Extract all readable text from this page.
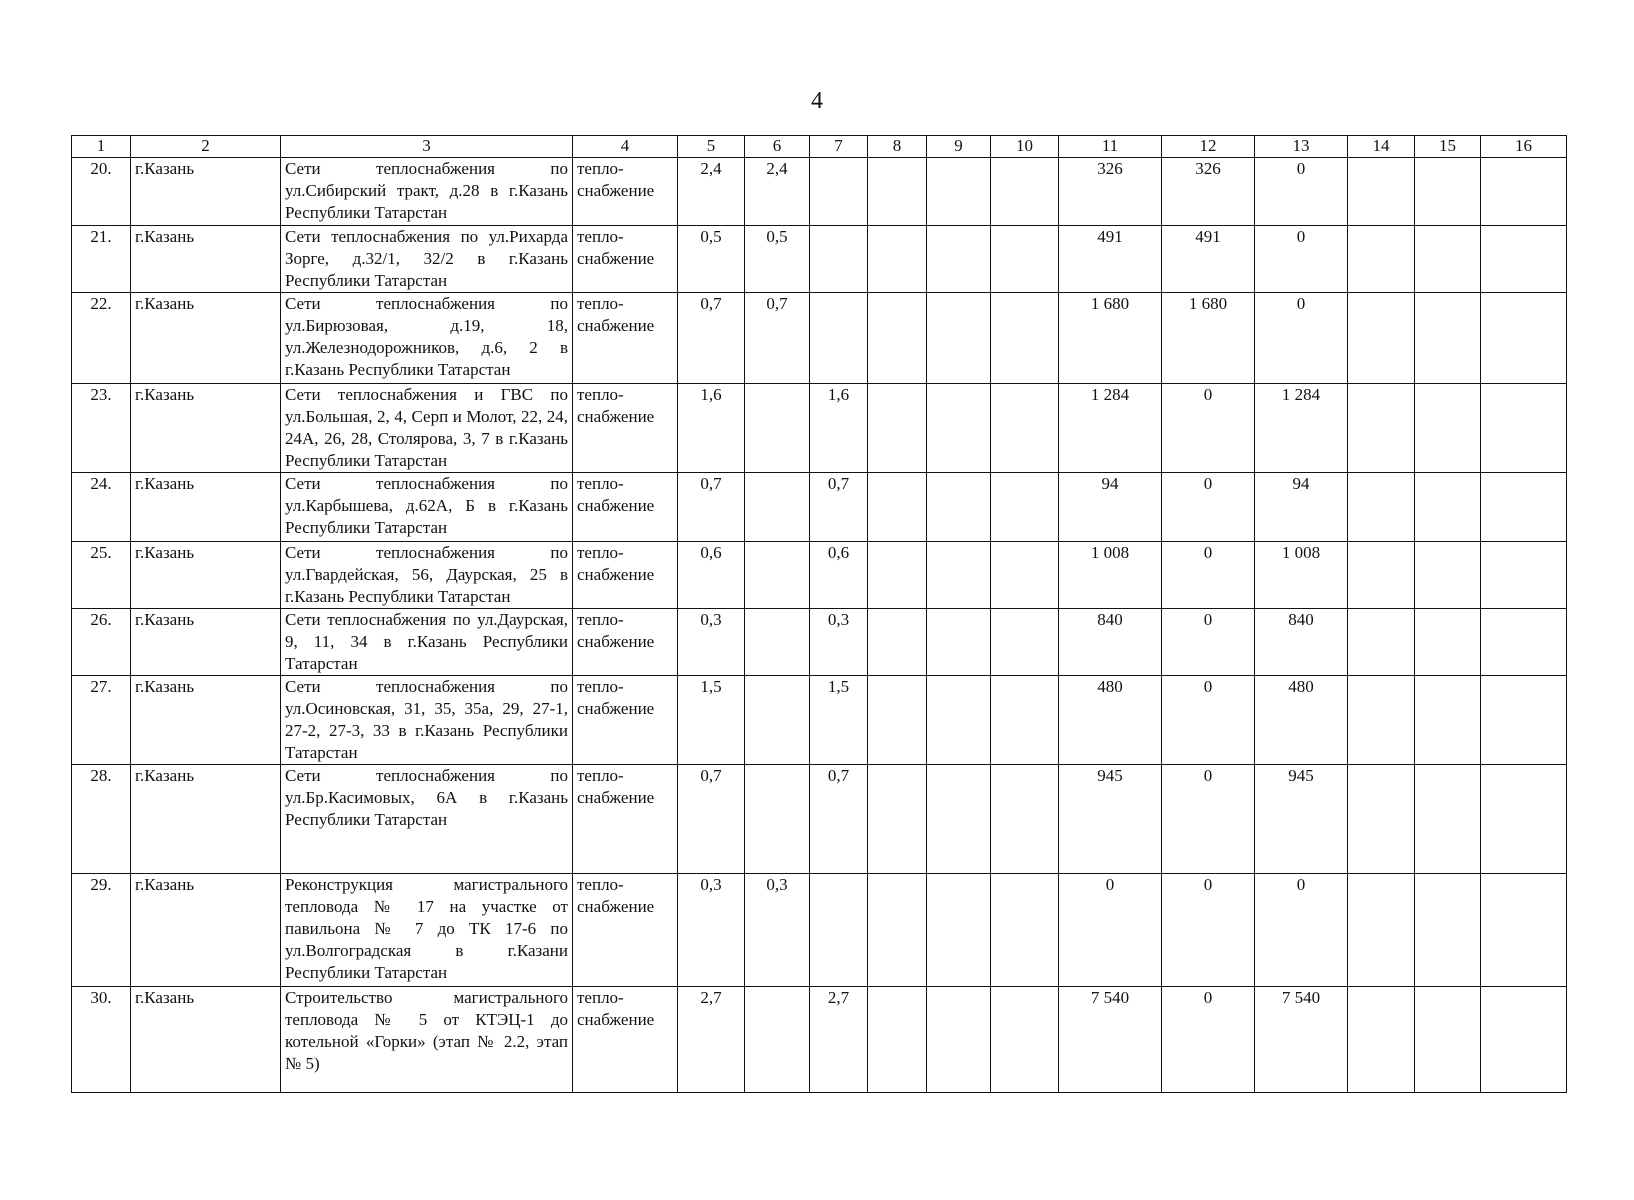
4
1	2	3	4	5	6	7	8	9	10	11	12	13	14	15	16
20.	г.Казань	Сети теплоснабжения по ул.Сибирский тракт, д.28 в г.Казань Республики Татарстан	тепло-снабжение	2,4	2,4					326	326	0			
21.	г.Казань	Сети теплоснабжения по ул.Рихарда Зорге, д.32/1, 32/2 в г.Казань Республики Татарстан	тепло-снабжение	0,5	0,5					491	491	0			
22.	г.Казань	Сети теплоснабжения по ул.Бирюзовая, д.19, 18, ул.Железнодорожников, д.6, 2 в г.Казань Республики Татарстан	тепло-снабжение	0,7	0,7					1 680	1 680	0			
23.	г.Казань	Сети теплоснабжения и ГВС по ул.Большая, 2, 4, Серп и Молот, 22, 24, 24А, 26, 28, Столярова, 3, 7 в г.Казань Республики Татарстан	тепло-снабжение	1,6		1,6				1 284	0	1 284			
24.	г.Казань	Сети теплоснабжения по ул.Карбышева, д.62А, Б в г.Казань Республики Татарстан	тепло-снабжение	0,7		0,7				94	0	94			
25.	г.Казань	Сети теплоснабжения по ул.Гвардейская, 56, Даурская, 25 в г.Казань Республики Татарстан	тепло-снабжение	0,6		0,6				1 008	0	1 008			
26.	г.Казань	Сети теплоснабжения по ул.Даурская, 9, 11, 34 в г.Казань Республики Татарстан	тепло-снабжение	0,3		0,3				840	0	840			
27.	г.Казань	Сети теплоснабжения по ул.Осиновская, 31, 35, 35а, 29, 27-1, 27-2, 27-3, 33 в г.Казань Республики Татарстан	тепло-снабжение	1,5		1,5				480	0	480			
28.	г.Казань	Сети теплоснабжения по ул.Бр.Касимовых, 6А в г.Казань Республики Татарстан	тепло-снабжение	0,7		0,7				945	0	945			
29.	г.Казань	Реконструкция магистрального тепловода № 17 на участке от павильона № 7 до ТК 17-6 по ул.Волгоградская в г.Казани Республики Татарстан	тепло-снабжение	0,3	0,3					0	0	0			
30.	г.Казань	Строительство магистрального тепловода № 5 от КТЭЦ-1 до котельной «Горки» (этап № 2.2, этап № 5)	тепло-снабжение	2,7		2,7				7 540	0	7 540			
